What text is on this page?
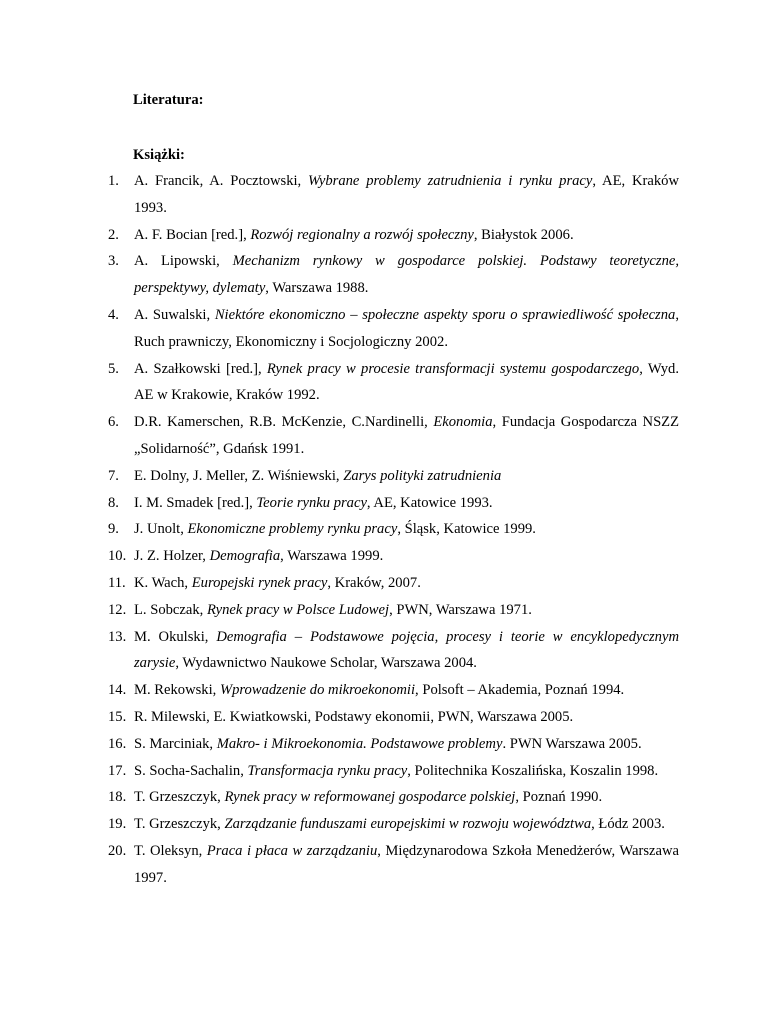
Literatura:

Książki:

1.	A. Francik, A. Pocztowski, Wybrane problemy zatrudnienia i rynku pracy, AE, Kraków 1993.
2.	A. F. Bocian [red.], Rozwój regionalny a rozwój społeczny, Białystok 2006.
3.	A. Lipowski, Mechanizm rynkowy w gospodarce polskiej. Podstawy teoretyczne, perspektywy, dylematy, Warszawa 1988.
4.	A. Suwalski, Niektóre ekonomiczno – społeczne aspekty sporu o sprawiedliwość społeczna, Ruch prawniczy, Ekonomiczny i Socjologiczny 2002.
5.	A. Szałkowski [red.], Rynek pracy w procesie transformacji systemu gospodarczego, Wyd. AE w Krakowie, Kraków 1992.
6.	D.R. Kamerschen, R.B. McKenzie, C.Nardinelli, Ekonomia, Fundacja Gospodarcza NSZZ „Solidarność”, Gdańsk 1991.
7.	E. Dolny, J. Meller, Z. Wiśniewski, Zarys polityki zatrudnienia
8.	I. M. Smadek [red.], Teorie rynku pracy, AE, Katowice 1993.
9.	J. Unolt, Ekonomiczne problemy rynku pracy, Śląsk, Katowice 1999.
10. J. Z. Holzer, Demografia, Warszawa 1999.
11. K. Wach, Europejski rynek pracy, Kraków, 2007.
12. L. Sobczak, Rynek pracy w Polsce Ludowej, PWN, Warszawa 1971.
13. M. Okulski, Demografia – Podstawowe pojęcia, procesy i teorie w encyklopedycznym zarysie, Wydawnictwo Naukowe Scholar, Warszawa 2004.
14. M. Rekowski, Wprowadzenie do mikroekonomii, Polsoft – Akademia, Poznań 1994.
15. R. Milewski, E. Kwiatkowski, Podstawy ekonomii, PWN, Warszawa 2005.
16. S. Marciniak, Makro- i Mikroekonomia. Podstawowe problemy. PWN Warszawa 2005.
17. S. Socha-Sachalin, Transformacja rynku pracy, Politechnika Koszalińska, Koszalin 1998.
18. T. Grzeszczyk, Rynek pracy w reformowanej gospodarce polskiej, Poznań 1990.
19. T. Grzeszczyk, Zarządzanie funduszami europejskimi w rozwoju województwa, Łódz 2003.
20. T. Oleksyn, Praca i płaca w zarządzaniu, Międzynarodowa Szkoła Menedżerów, Warszawa 1997.
